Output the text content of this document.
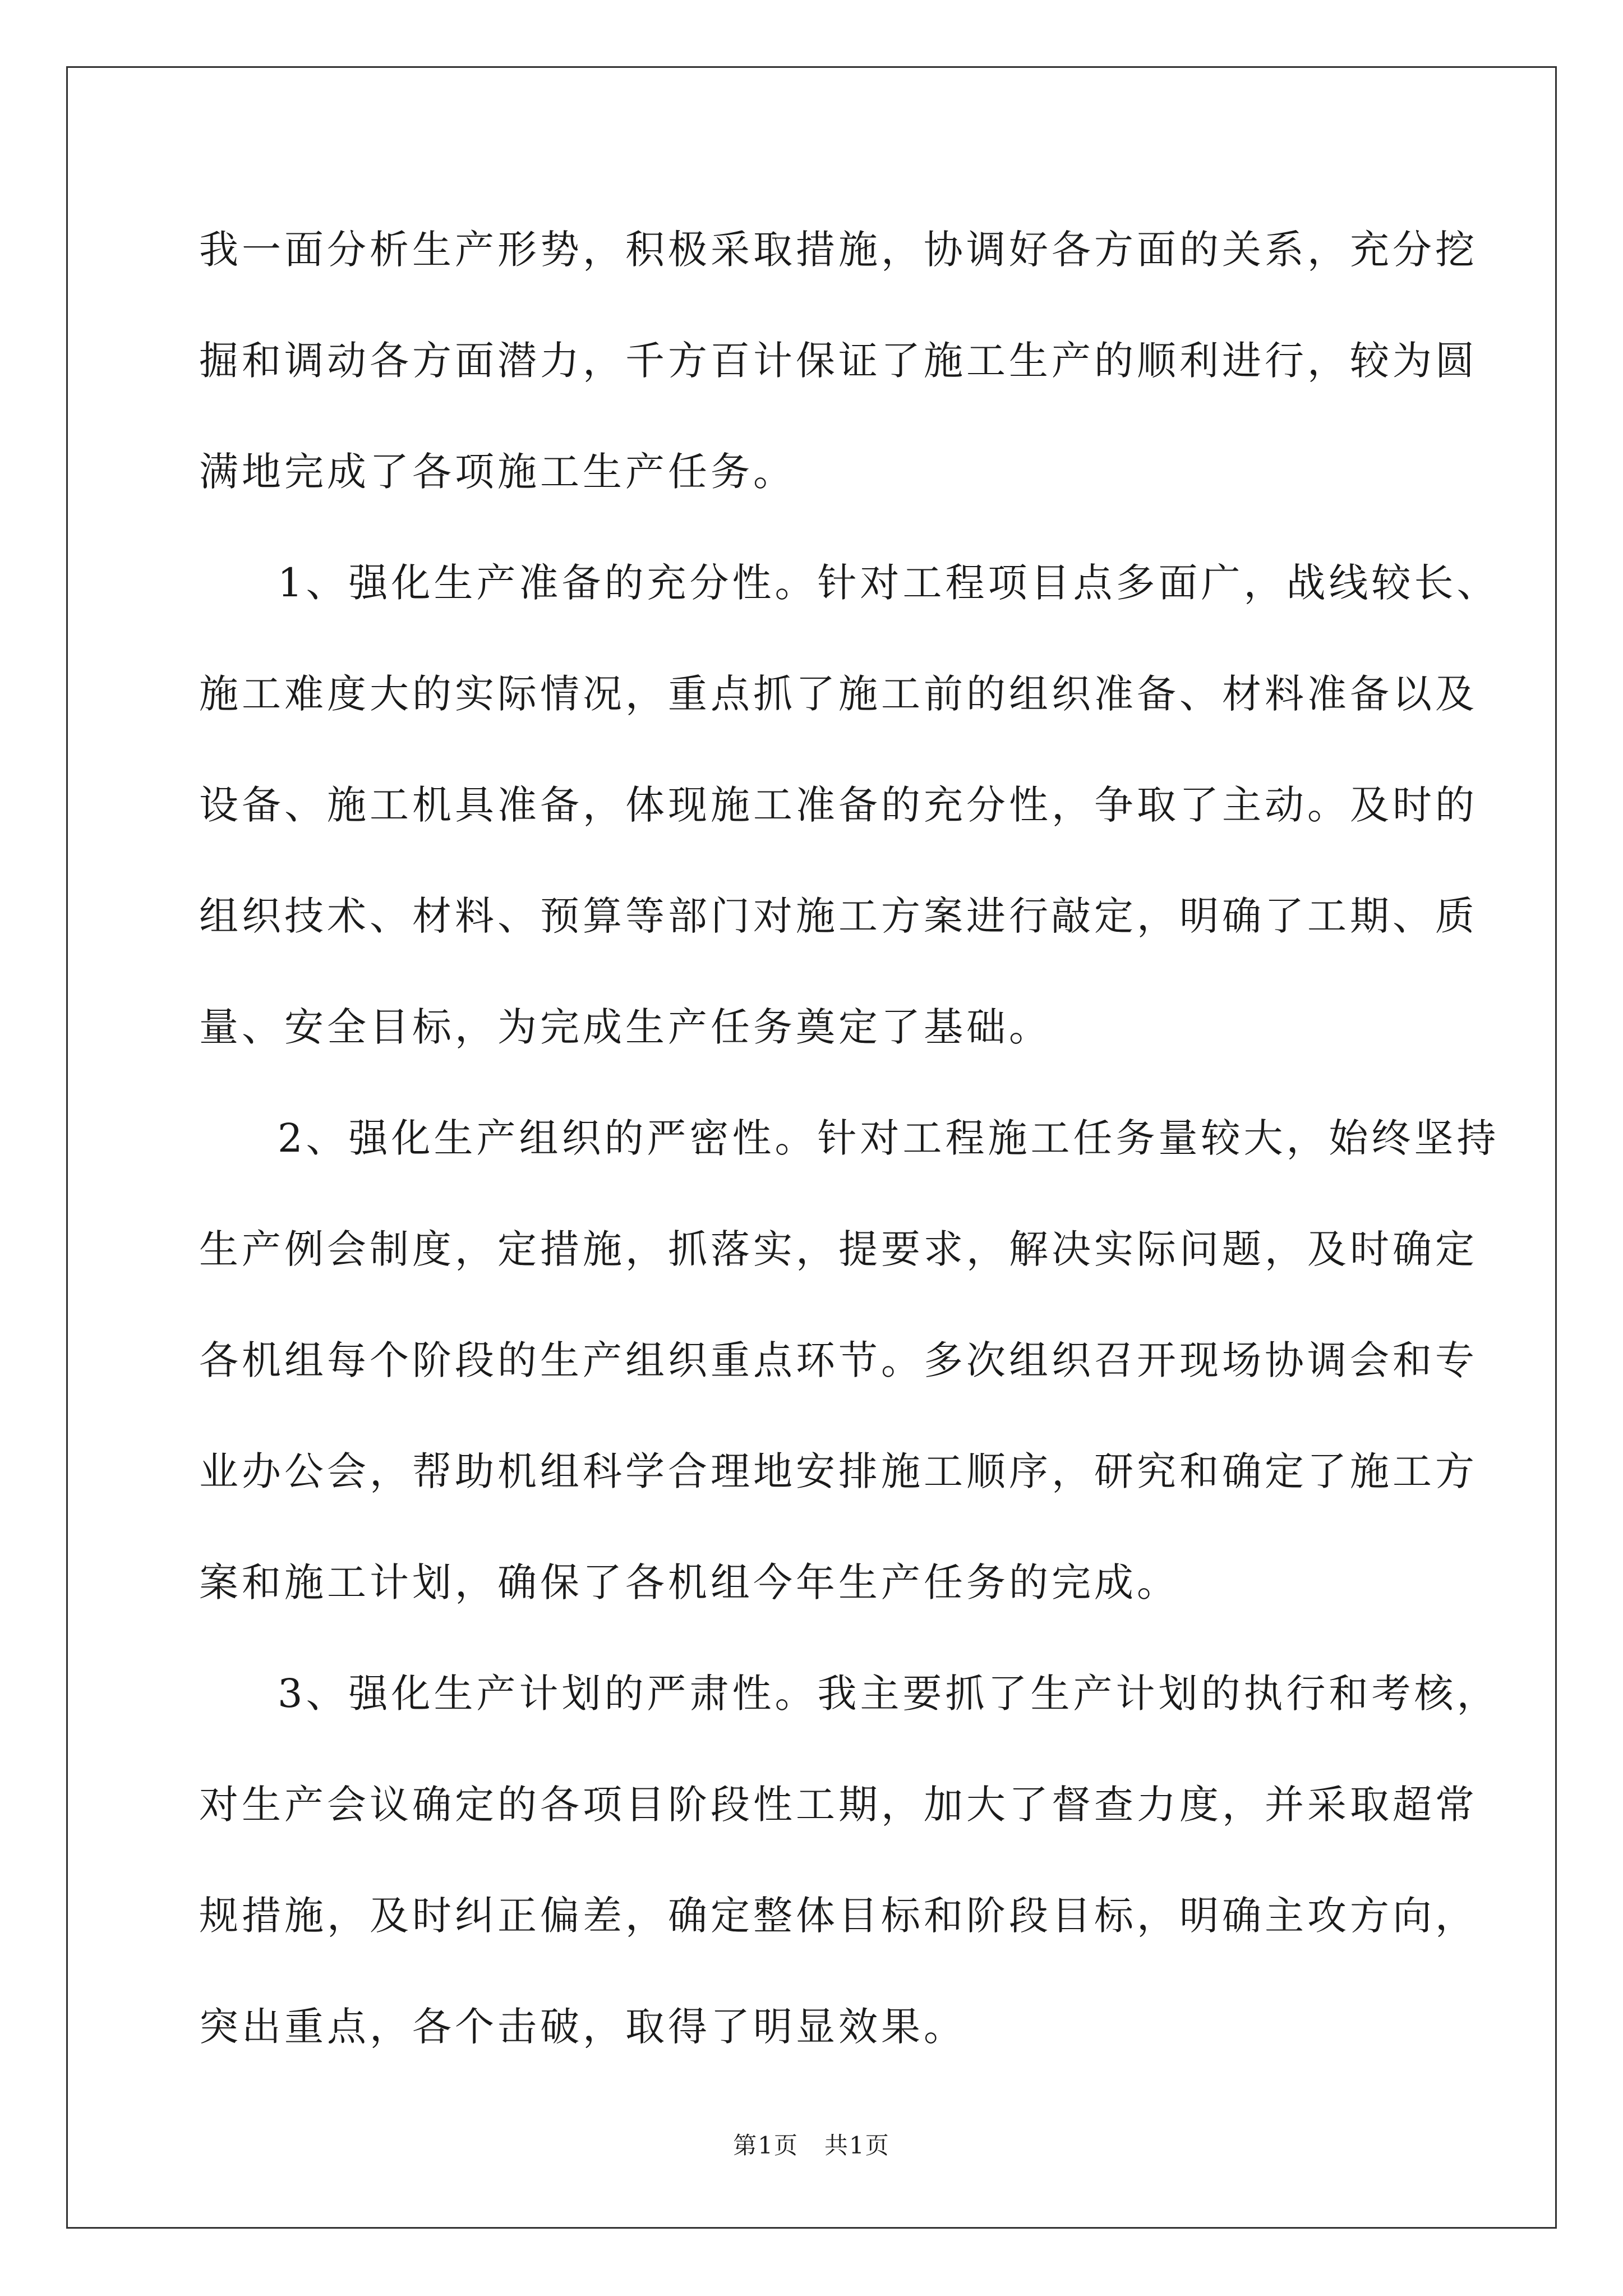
我一面分析生产形势，积极采取措施，协调好各方面的关系，充分挖
掘和调动各方面潜力，千方百计保证了施工生产的顺利进行，较为圆
满地完成了各项施工生产任务。
1、强化生产准备的充分性。针对工程项目点多面广，战线较长、
施工难度大的实际情况，重点抓了施工前的组织准备、材料准备以及
设备、施工机具准备，体现施工准备的充分性，争取了主动。及时的
组织技术、材料、预算等部门对施工方案进行敲定，明确了工期、质
量、安全目标，为完成生产任务奠定了基础。
2、强化生产组织的严密性。针对工程施工任务量较大，始终坚持
生产例会制度，定措施，抓落实，提要求，解决实际问题，及时确定
各机组每个阶段的生产组织重点环节。多次组织召开现场协调会和专
业办公会，帮助机组科学合理地安排施工顺序，研究和确定了施工方
案和施工计划，确保了各机组今年生产任务的完成。
3、强化生产计划的严肃性。我主要抓了生产计划的执行和考核，
对生产会议确定的各项目阶段性工期，加大了督查力度，并采取超常
规措施，及时纠正偏差，确定整体目标和阶段目标，明确主攻方向，
突出重点，各个击破，取得了明显效果。
第1页   共1页
